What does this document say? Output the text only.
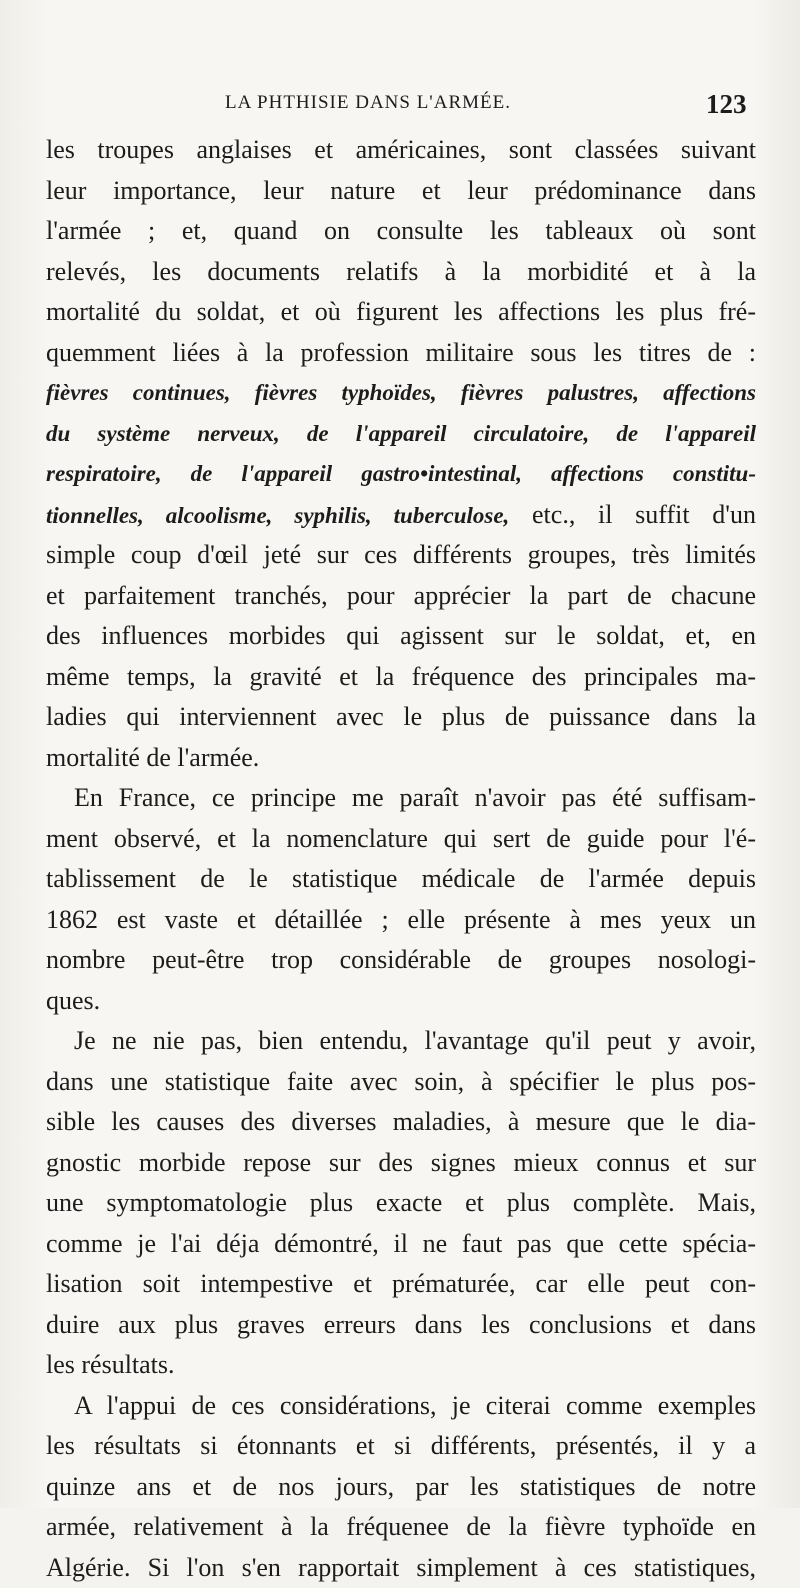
LA PHTHISIE DANS L'ARMÉE.	123
les troupes anglaises et américaines, sont classées suivant
leur importance, leur nature et leur prédominance dans
l'armée ; et, quand on consulte les tableaux où sont
relevés, les documents relatifs à la morbidité et à la
mortalité du soldat, et où figurent les affections les plus fré-
quemment liées à la profession militaire sous les titres de :
fièvres continues, fièvres typhoïdes, fièvres palustres, affections
du système nerveux, de l'appareil circulatoire, de l'appareil
respiratoire, de l'appareil gastro•intestinal, affections constitu-
tionnelles, alcoolisme, syphilis, tuberculose, etc., il suffit d'un
simple coup d'œil jeté sur ces différents groupes, très limités
et parfaitement tranchés, pour apprécier la part de chacune
des influences morbides qui agissent sur le soldat, et, en
même temps, la gravité et la fréquence des principales ma-
ladies qui interviennent avec le plus de puissance dans la
mortalité de l'armée.
En France, ce principe me paraît n'avoir pas été suffisam-
ment observé, et la nomenclature qui sert de guide pour l'é-
tablissement de le statistique médicale de l'armée depuis
1862 est vaste et détaillée ; elle présente à mes yeux un
nombre peut-être trop considérable de groupes nosologi-
ques.
Je ne nie pas, bien entendu, l'avantage qu'il peut y avoir,
dans une statistique faite avec soin, à spécifier le plus pos-
sible les causes des diverses maladies, à mesure que le dia-
gnostic morbide repose sur des signes mieux connus et sur
une symptomatologie plus exacte et plus complète. Mais,
comme je l'ai déja démontré, il ne faut pas que cette spécia-
lisation soit intempestive et prématurée, car elle peut con-
duire aux plus graves erreurs dans les conclusions et dans
les résultats.
A l'appui de ces considérations, je citerai comme exemples
les résultats si étonnants et si différents, présentés, il y a
quinze ans et de nos jours, par les statistiques de notre
armée, relativement à la fréquenee de la fièvre typhoïde en
Algérie. Si l'on s'en rapportait simplement à ces statistiques,
